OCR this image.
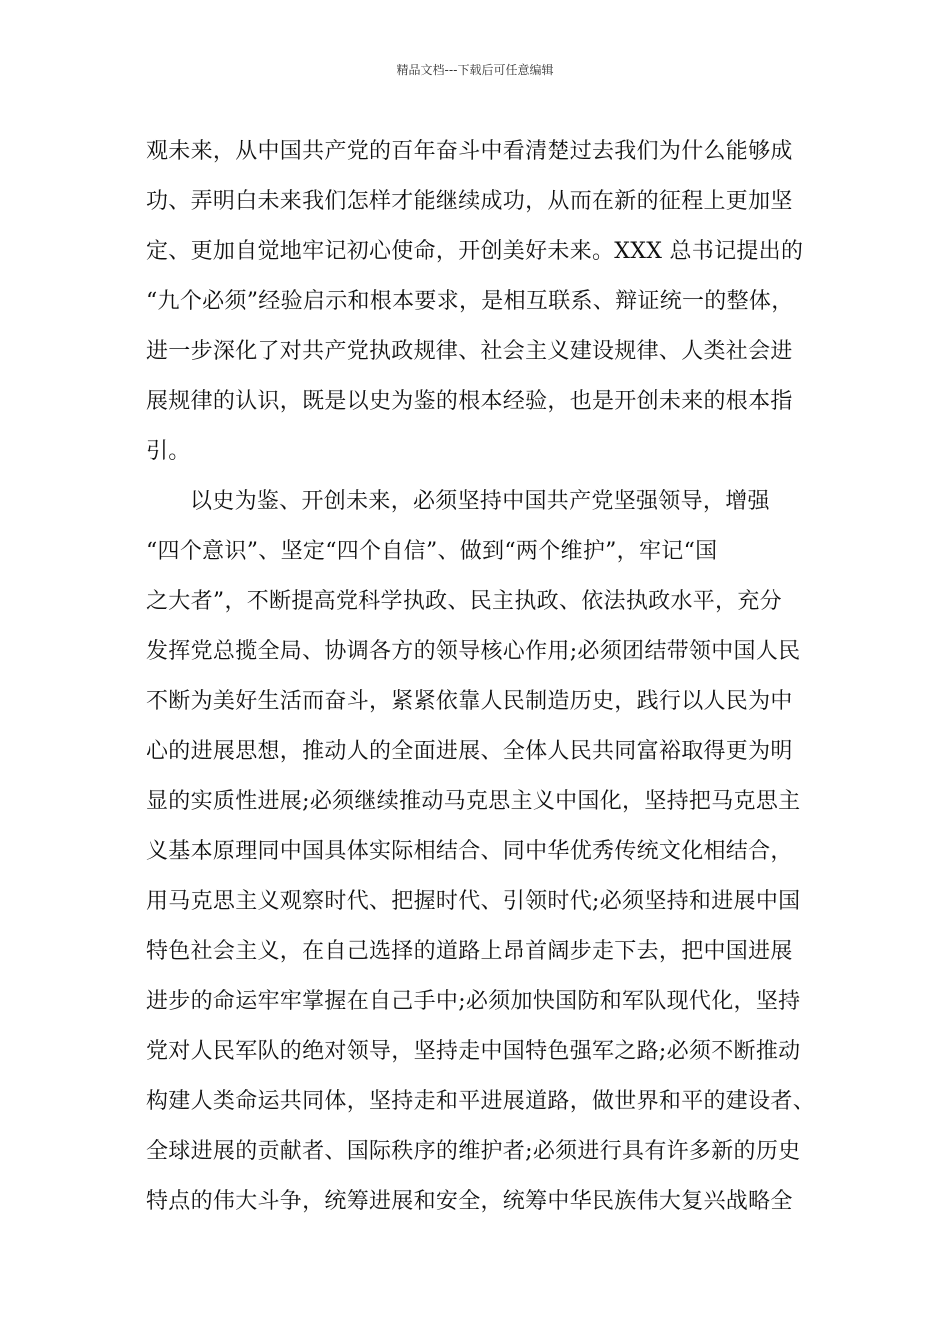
精品文档---下载后可任意编辑
观未来，从中国共产党的百年奋斗中看清楚过去我们为什么能够成
功、弄明白未来我们怎样才能继续成功，从而在新的征程上更加坚
定、更加自觉地牢记初心使命，开创美好未来。XXX 总书记提出的
“九个必须”经验启示和根本要求，是相互联系、辩证统一的整体，
进一步深化了对共产党执政规律、社会主义建设规律、人类社会进
展规律的认识，既是以史为鉴的根本经验，也是开创未来的根本指
引。
以史为鉴、开创未来，必须坚持中国共产党坚强领导，增强
“四个意识”、坚定“四个自信”、做到“两个维护”，牢记“国
之大者”，不断提高党科学执政、民主执政、依法执政水平，充分
发挥党总揽全局、协调各方的领导核心作用;必须团结带领中国人民
不断为美好生活而奋斗，紧紧依靠人民制造历史，践行以人民为中
心的进展思想，推动人的全面进展、全体人民共同富裕取得更为明
显的实质性进展;必须继续推动马克思主义中国化，坚持把马克思主
义基本原理同中国具体实际相结合、同中华优秀传统文化相结合，
用马克思主义观察时代、把握时代、引领时代;必须坚持和进展中国
特色社会主义，在自己选择的道路上昂首阔步走下去，把中国进展
进步的命运牢牢掌握在自己手中;必须加快国防和军队现代化，坚持
党对人民军队的绝对领导，坚持走中国特色强军之路;必须不断推动
构建人类命运共同体，坚持走和平进展道路，做世界和平的建设者、
全球进展的贡献者、国际秩序的维护者;必须进行具有许多新的历史
特点的伟大斗争，统筹进展和安全，统筹中华民族伟大复兴战略全
